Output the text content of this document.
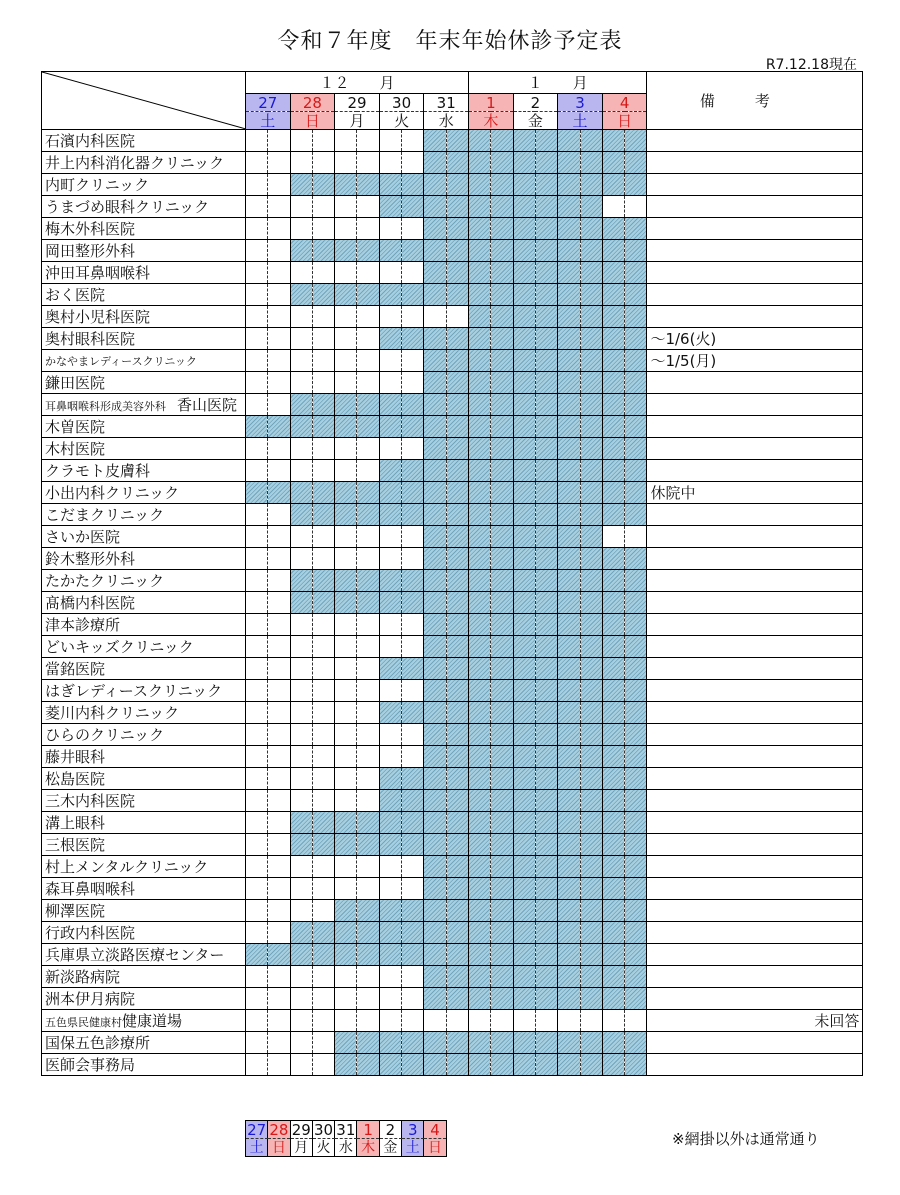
令和７年度　年末年始休診予定表
R7.12.18現在
	１２　　月										１　　月								備考
	27		28		29		30		31		1		2		3		4		
	土		日		月		火		水		木		金		土		日		
石濱内科医院																			
井上内科消化器クリニック																			
内町クリニック																			
うまづめ眼科クリニック																			
梅木外科医院																			
岡田整形外科																			
沖田耳鼻咽喉科																			
おく医院																			
奥村小児科医院																			
奥村眼科医院																			～1/6(火)
かなやまレディースクリニック																			～1/5(月)
鎌田医院																			
耳鼻咽喉科形成美容外科　香山医院																			
木曽医院																			
木村医院																			
クラモト皮膚科																			
小出内科クリニック																			休院中
こだまクリニック																			
さいか医院																			
鈴木整形外科																			
たかたクリニック																			
髙橋内科医院																			
津本診療所																			
どいキッズクリニック																			
當銘医院																			
はぎレディースクリニック																			
菱川内科クリニック																			
ひらのクリニック																			
藤井眼科																			
松島医院																			
三木内科医院																			
溝上眼科																			
三根医院																			
村上メンタルクリニック																			
森耳鼻咽喉科																			
柳澤医院																			
行政内科医院																			
兵庫県立淡路医療センター																			
新淡路病院																			
洲本伊月病院																			
五色県民健康村健康道場																			未回答
国保五色診療所																			
医師会事務局																			
27	28	29	30	31	1	2	3	4
土	日	月	火	水	木	金	土	日	※網掛以外は通常通り
